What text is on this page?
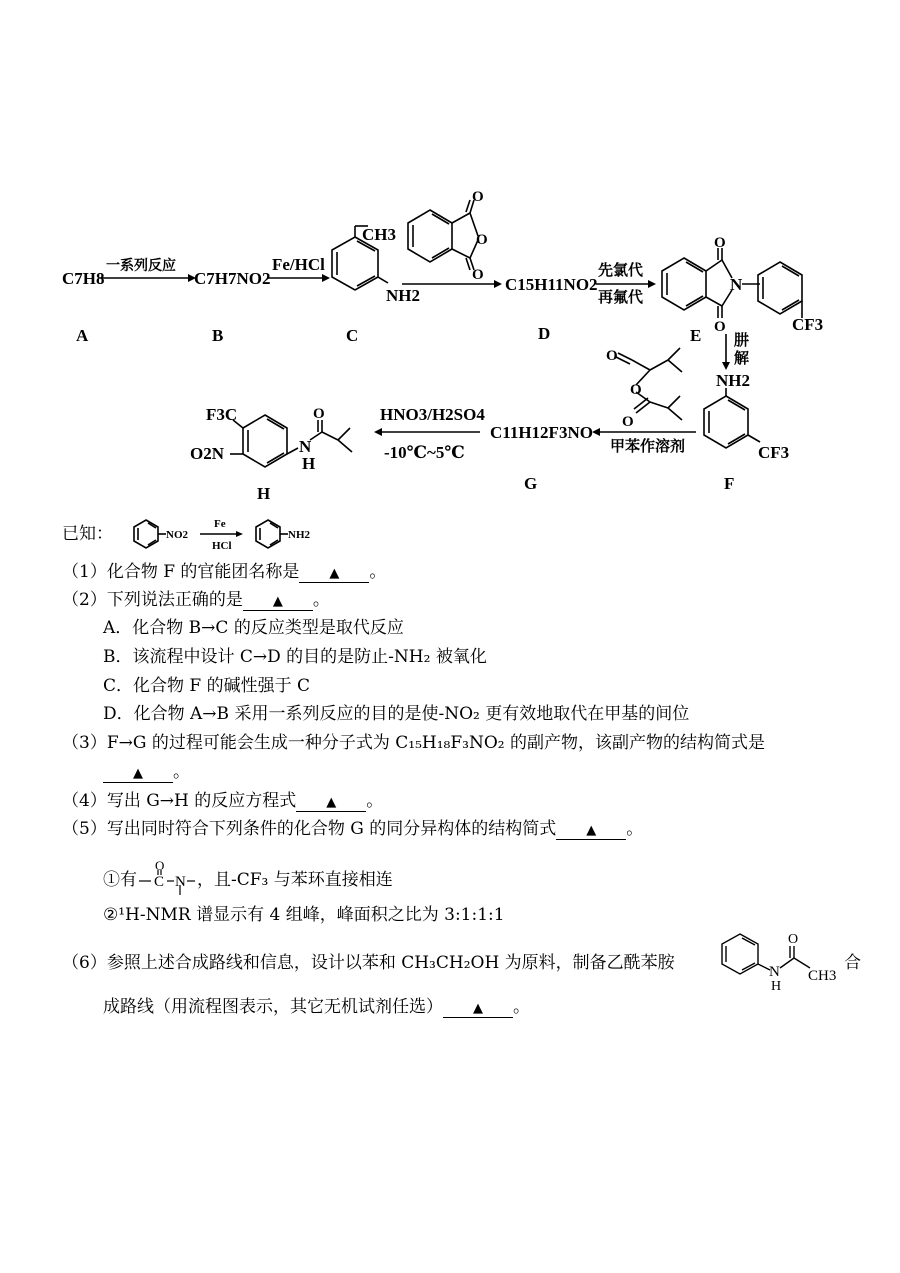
C7H8
A
一系列反应
C7H7NO2
B
Fe/HCl
CH3
NH2
C
O
O
O C15H11NO2
D
先氯代
再氟代
O
N
O	CF3
E 肼
解
NH2
CF3
F
O
O
O
甲苯作溶剂
C11H12F3NO
G
HNO3/H2SO4
-10℃~5℃
F3C
O2N	N
H
O
H
Fe
HCl
NO2	NH2
已知：
（1）化合物 F 的官能团名称是 ▲ 。
（2）下列说法正确的是 ▲ 。
A．化合物 B→C 的反应类型是取代反应
B．该流程中设计 C→D 的目的是防止-NH₂ 被氧化
C．化合物 F 的碱性强于 C
D．化合物 A→B 采用一系列反应的目的是使-NO₂ 更有效地取代在甲基的间位
（3）F→G 的过程可能会生成一种分子式为 C₁₅H₁₈F₃NO₂ 的副产物，该副产物的结构简式是
▲ 。
（4）写出 G→H 的反应方程式 ▲ 。
（5）写出同时符合下列条件的化合物 G 的同分异构体的结构简式 ▲ 。
①有 C
O
N ，且-CF₃ 与苯环直接相连
②¹H-NMR 谱显示有 4 组峰，峰面积之比为 3:1:1:1
（6）参照上述合成路线和信息，设计以苯和 CH₃CH₂OH 为原料，制备乙酰苯胺
O
N
H
CH3
合
成路线（用流程图表示，其它无机试剂任选） ▲ 。
